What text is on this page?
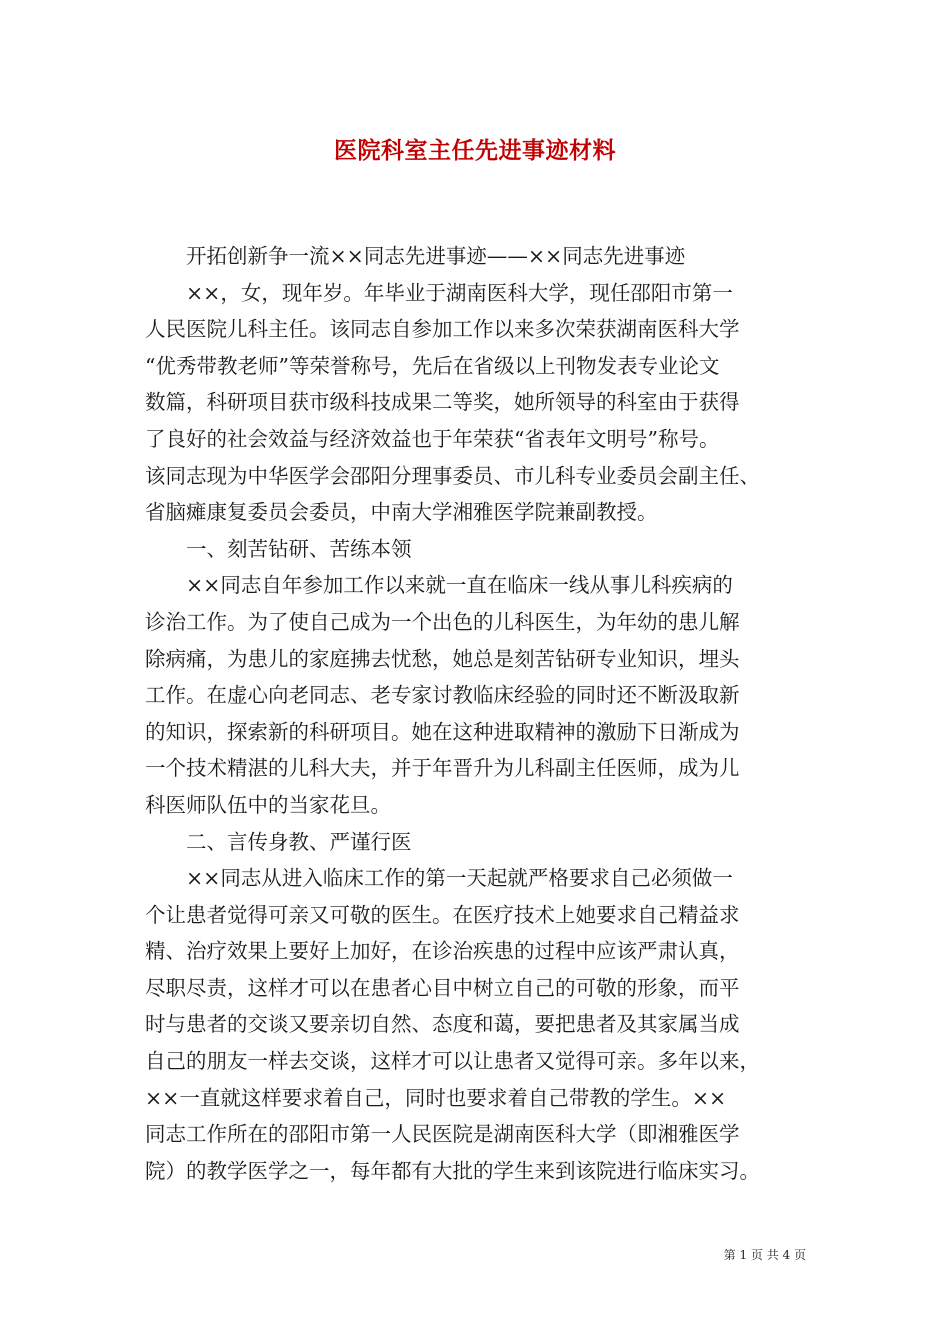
医院科室主任先进事迹材料
　　开拓创新争一流××同志先进事迹——××同志先进事迹
　　××，女，现年岁。年毕业于湖南医科大学，现任邵阳市第一
人民医院儿科主任。该同志自参加工作以来多次荣获湖南医科大学
“优秀带教老师”等荣誉称号，先后在省级以上刊物发表专业论文
数篇，科研项目获市级科技成果二等奖，她所领导的科室由于获得
了良好的社会效益与经济效益也于年荣获“省表年文明号”称号。
该同志现为中华医学会邵阳分理事委员、市儿科专业委员会副主任、
省脑瘫康复委员会委员，中南大学湘雅医学院兼副教授。
　　一、刻苦钻研、苦练本领
　　××同志自年参加工作以来就一直在临床一线从事儿科疾病的
诊治工作。为了使自己成为一个出色的儿科医生，为年幼的患儿解
除病痛，为患儿的家庭拂去忧愁，她总是刻苦钻研专业知识，埋头
工作。在虚心向老同志、老专家讨教临床经验的同时还不断汲取新
的知识，探索新的科研项目。她在这种进取精神的激励下日渐成为
一个技术精湛的儿科大夫，并于年晋升为儿科副主任医师，成为儿
科医师队伍中的当家花旦。
　　二、言传身教、严谨行医
　　××同志从进入临床工作的第一天起就严格要求自己必须做一
个让患者觉得可亲又可敬的医生。在医疗技术上她要求自己精益求
精、治疗效果上要好上加好，在诊治疾患的过程中应该严肃认真，
尽职尽责，这样才可以在患者心目中树立自己的可敬的形象，而平
时与患者的交谈又要亲切自然、态度和蔼，要把患者及其家属当成
自己的朋友一样去交谈，这样才可以让患者又觉得可亲。多年以来，
××一直就这样要求着自己，同时也要求着自己带教的学生。××
同志工作所在的邵阳市第一人民医院是湖南医科大学（即湘雅医学
院）的教学医学之一，每年都有大批的学生来到该院进行临床实习。
第 1 页 共 4 页
